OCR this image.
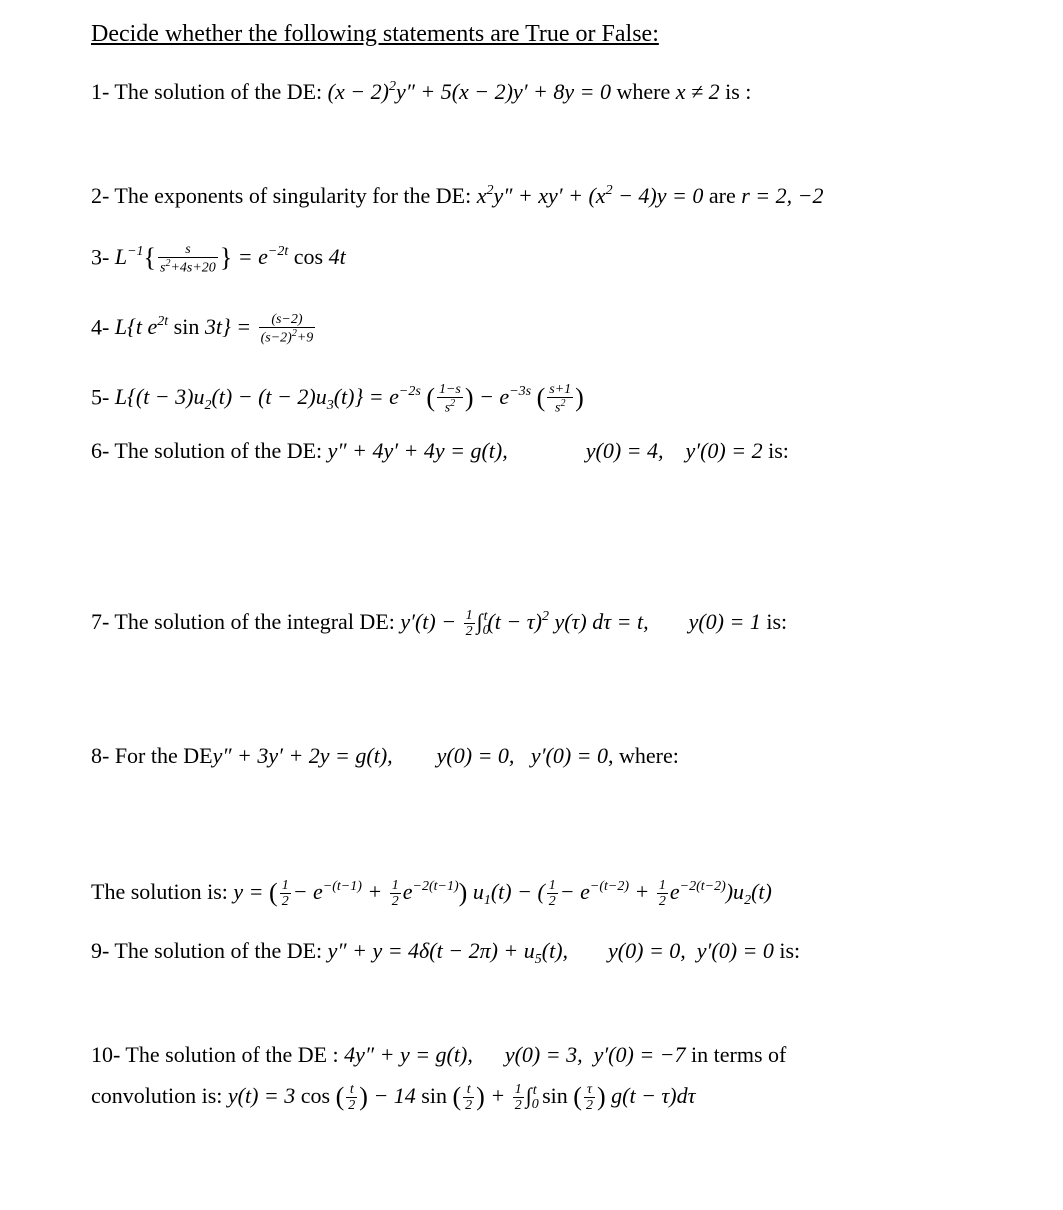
Decide whether the following statements are True or False:
1- The solution of the DE: $(x - 2)^2y'' + 5(x - 2)y' + 8y = 0$ where x ≠ 2 is :
2- The exponents of singularity for the DE: $x^2y'' + xy' + (x^2 - 4)y = 0$ are r = 2, −2
3- $L^{-1}\{ \frac{s}{s^2+4s+20}$ } = $e^{-2t}$ cos 4t
4- L{t $e^{2t}$ $\sin 3t\} = \frac{(s-2)}{(s-2)^2+9}$
5- $L\{(t - 3)u_2(t) - (t - 2)u_3(t)\} = e^{-2s}$ ( $\frac{1-s}{s^2}$ ) − $e^{-3s}$ ( $\frac{s+1}{s^2}$ )
6- The solution of the DE: y″ + 4y′ + 4y = g(t),	y(0) = 4,    y′(0) = 2 is:
7- The solution of the integral DE: $y'(t) - \frac{1}{2} \int_0^t(t - \tau)^2$ y(τ) dτ = t, y(0) = 1 is:
8- For the DEy″ + 3y′ + 2y = g(t), y(0) = 0,   y′(0) = 0, where:
The solution is: y = ( $\frac{1}{2} - e^{-(t-1)} + \frac{1}{2} e^{-2(t-1)}$) $u_1(t)$ − ( $\frac{1}{2} - e^{-(t-2)} + \frac{1}{2} e^{-2(t-2)})u_2(t)$
9- The solution of the DE: $y'' + y = 4\delta(t - 2\pi) + u_5(t)$, y(0) = 0,  y′(0) = 0 is:
10- The solution of the DE : 4y″ + y = g(t), y(0) = 3,  y′(0) = −7 in terms of
convolution is: y(t) = 3 cos ( $\frac{t}{2}$ ) − 14 sin ( $\frac{t}{2}$ ) + $\frac{1}{2} \int_0^t$ sin ( $\frac{\tau}{2}$ ) g(t − τ)dτ
